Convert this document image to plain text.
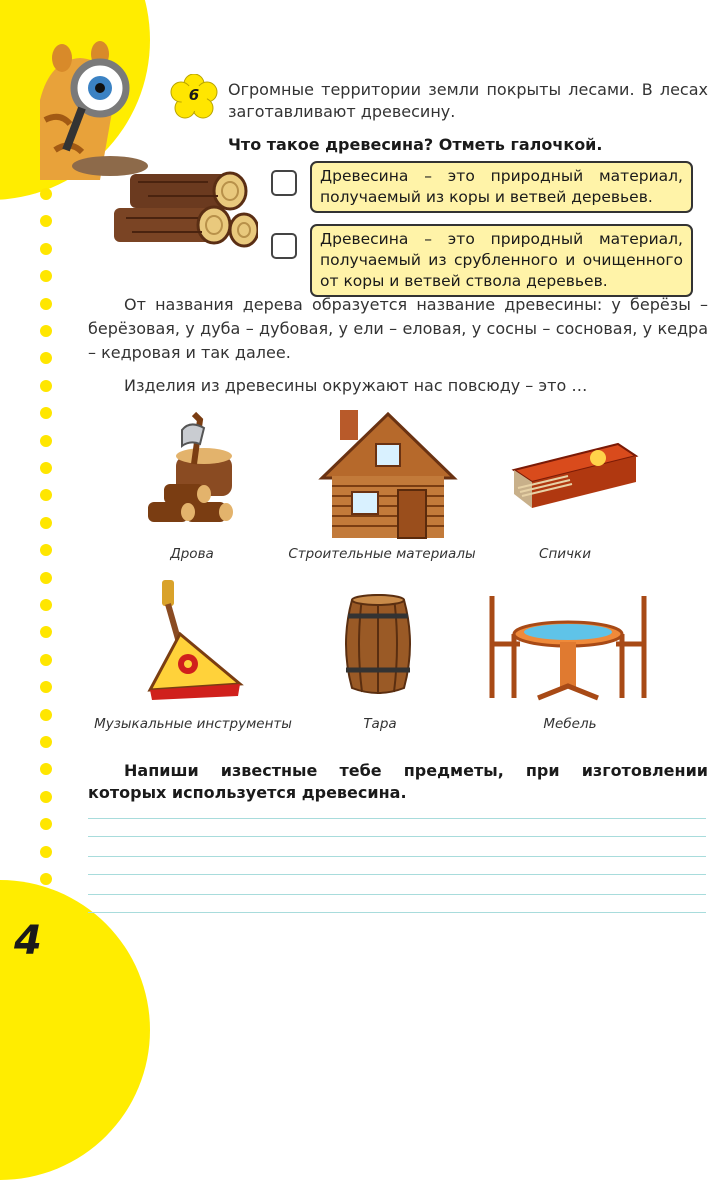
4
6	Огромные территории земли покрыты лесами. В лесах заготавливают древесину.
Что такое древесина? Отметь галочкой.
Древесина – это природный материал, получаемый из коры и ветвей деревьев.
Древесина – это природный материал, получаемый из срубленного и очищенного от коры и ветвей ствола деревьев.
От названия дерева образуется название древесины: у берёзы – берёзовая, у дуба – дубовая, у ели – еловая, у сосны – сосновая, у кедра – кедровая и так далее.
Изделия из древесины окружают нас повсюду – это …
Дрова	Строительные материалы	Спички
Музыкальные инструменты	Тара	Мебель
Напиши известные тебе предметы, при изготовлении которых используется древесина.
